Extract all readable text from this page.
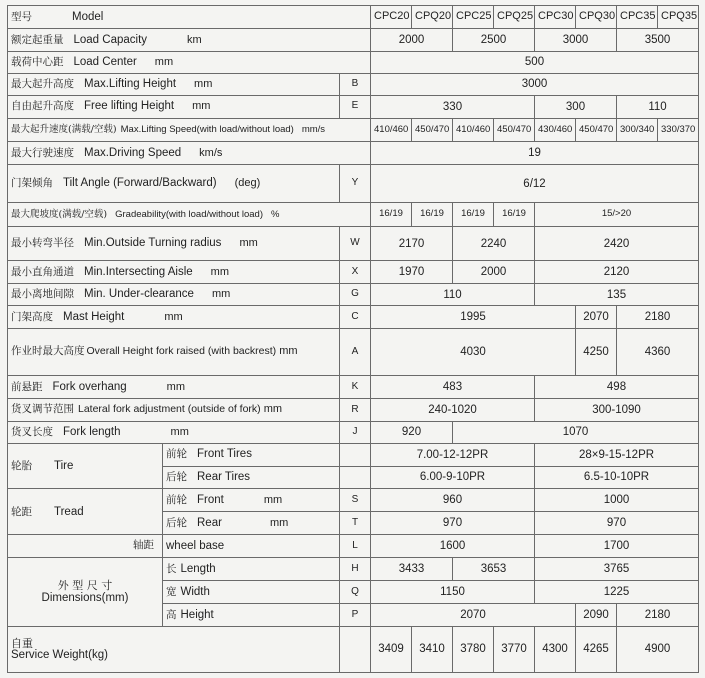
型号 Model			CPC20	CPQ20	CPC25	CPQ25	CPC30	CPQ30	CPC35	CPQ35
额定起重量 Load Capacity km			2000		2500		3000		3500	
载荷中心距 Load Center mm			500							
最大起升高度 Max.Lifting Height mm		B	3000							
自由起升高度 Free lifting Height mm		E	330				300		110	
最大起升速度(满载/空载) Max.Lifting Speed(with load/without load) mm/s			410/460	450/470	410/460	450/470	430/460	450/470	300/340	330/370
最大行驶速度 Max.Driving Speed km/s			19							
门架倾角 Tilt Angle (Forward/Backward) (deg)		Y	6/12							
最大爬坡度(满载/空载) Gradeability(with load/without load) %			16/19	16/19	16/19	16/19	15/>20			
最小转弯半径 Min.Outside Turning radius mm		W	2170		2240		2420			
最小直角通道 Min.Intersecting Aisle mm		X	1970		2000		2120			
最小离地间隙 Min. Under-clearance mm		G	110				135			
门架高度 Mast Height mm		C	1995					2070	2180	
作业时最大高度 Overall Height fork raised (with backrest) mm		A	4030					4250	4360	
前悬距 Fork overhang mm		K	483				498			
货叉调节范围 Lateral fork adjustment (outside of fork) mm		R	240-1020				300-1090			
货叉长度 Fork length mm		J	920		1070					
轮胎 Tire	前轮 Front Tires		7.00-12-12PR				28×9-15-12PR			
	后轮 Rear Tires		6.00-9-10PR				6.5-10-10PR			
轮距 Tread	前轮 Front mm	S	960				1000			
	后轮 Rear mm	T	970				970			
轴距	wheel base	L	1600				1700			

外 型 尺 寸
Dimensions(mm)	长 Length	H	3433		3653		3765			
	宽 Width	Q	1150				1225			
	高 Height	P	2070					2090	2180	

自重
Service Weight(kg)			3409	3410	3780	3770	4300	4265	4900	
